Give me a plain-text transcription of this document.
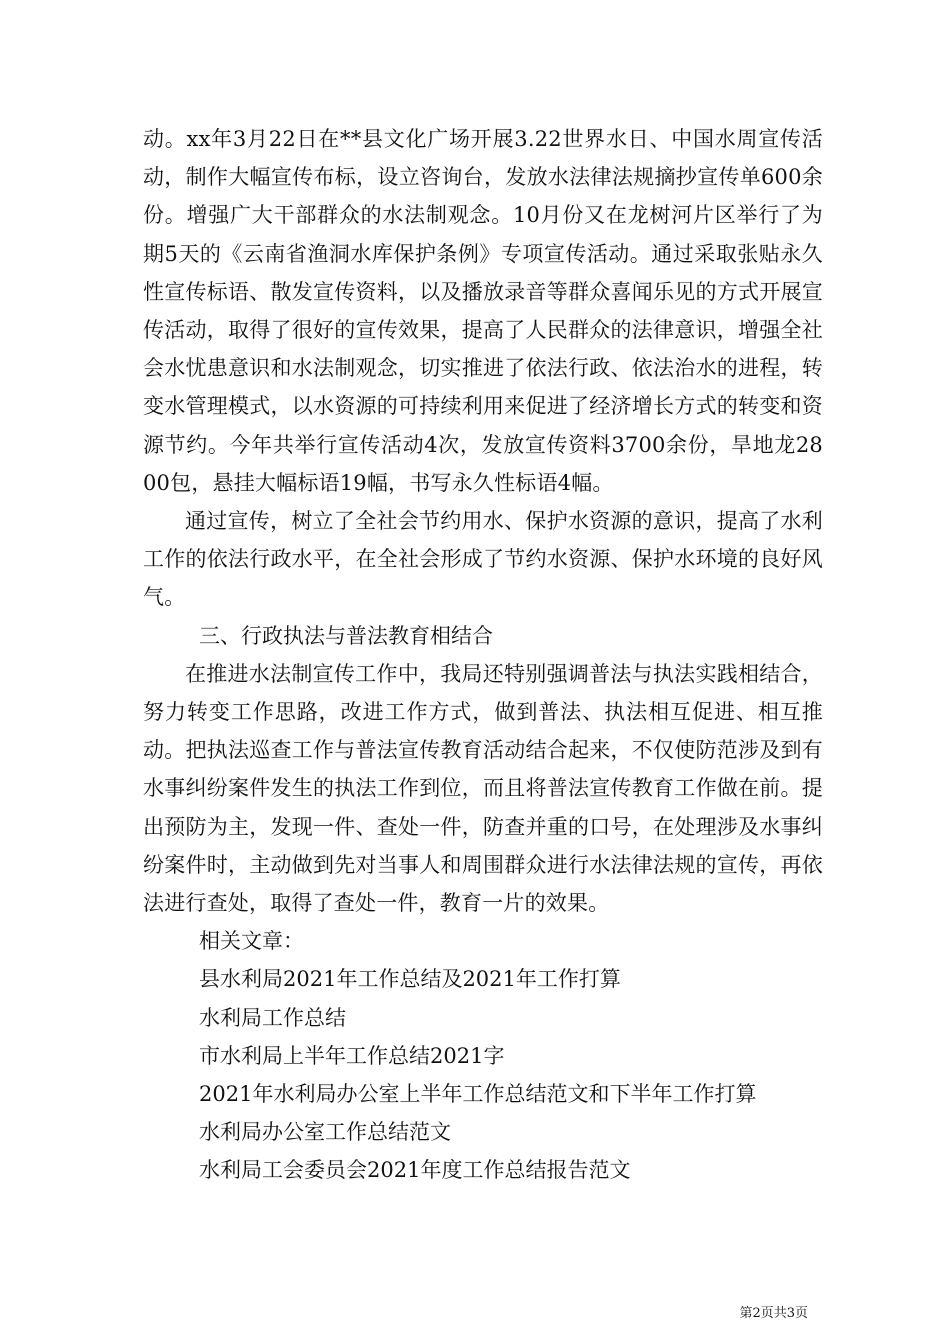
动。xx年3月22日在**县文化广场开展3.22世界水日、中国水周宣传活动，制作大幅宣传布标，设立咨询台，发放水法律法规摘抄宣传单600余份。增强广大干部群众的水法制观念。10月份又在龙树河片区举行了为期5天的《云南省渔洞水库保护条例》专项宣传活动。通过采取张贴永久性宣传标语、散发宣传资料，以及播放录音等群众喜闻乐见的方式开展宣传活动，取得了很好的宣传效果，提高了人民群众的法律意识，增强全社会水忧患意识和水法制观念，切实推进了依法行政、依法治水的进程，转变水管理模式，以水资源的可持续利用来促进了经济增长方式的转变和资源节约。今年共举行宣传活动4次，发放宣传资料3700余份，旱地龙2800包，悬挂大幅标语19幅，书写永久性标语4幅。

通过宣传，树立了全社会节约用水、保护水资源的意识，提高了水利工作的依法行政水平，在全社会形成了节约水资源、保护水环境的良好风气。

三、行政执法与普法教育相结合

在推进水法制宣传工作中，我局还特别强调普法与执法实践相结合，努力转变工作思路，改进工作方式，做到普法、执法相互促进、相互推动。把执法巡查工作与普法宣传教育活动结合起来，不仅使防范涉及到有水事纠纷案件发生的执法工作到位，而且将普法宣传教育工作做在前。提出预防为主，发现一件、查处一件，防查并重的口号，在处理涉及水事纠纷案件时，主动做到先对当事人和周围群众进行水法律法规的宣传，再依法进行查处，取得了查处一件，教育一片的效果。

相关文章：

县水利局2021年工作总结及2021年工作打算
水利局工作总结
市水利局上半年工作总结2021字
2021年水利局办公室上半年工作总结范文和下半年工作打算
水利局办公室工作总结范文
水利局工会委员会2021年度工作总结报告范文
第2页共3页
